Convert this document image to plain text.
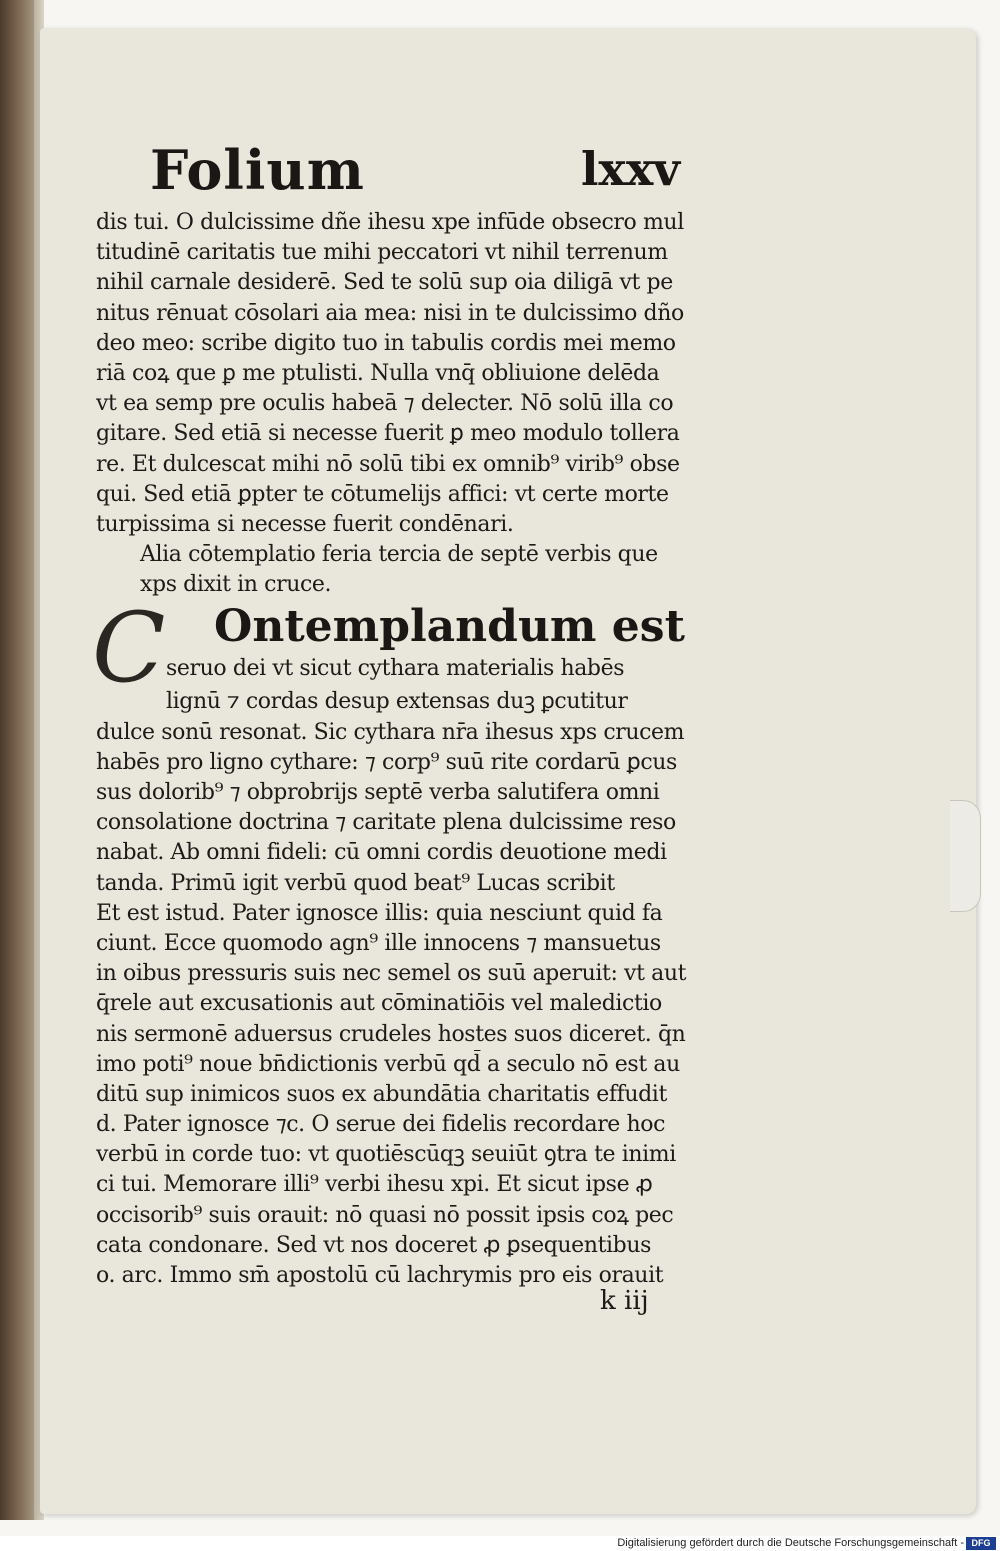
Folium	lxxv
dis tui. O dulcissime dñe ihesu xpe infūde obsecro mul
titudinē caritatis tue mihi peccatori vt nihil terrenum
nihil carnale desiderē. Sed te solū sup oia diligā vt pe
nitus rēnuat cōsolari aia mea: nisi in te dulcissimo dño
deo meo: scribe digito tuo in tabulis cordis mei memo
riā coꝝ que ꝑ me ptulisti. Nulla vnq̄ obliuione delēda
vt ea semp pre oculis habeā ⁊ delecter. Nō solū illa co
gitare. Sed etiā si necesse fuerit ꝑ meo modulo tollera
re. Et dulcescat mihi nō solū tibi ex omnib⁹ virib⁹ obse
qui. Sed etiā ꝑpter te cōtumelijs affici: vt certe morte
turpissima si necesse fuerit condēnari.
Alia cōtemplatio feria tercia de septē verbis que
xps dixit in cruce.
C Ontemplandum est
seruo dei vt sicut cythara materialis habēs
lignū ⁊ cordas desup extensas duꝫ ꝑcutitur
dulce sonū resonat. Sic cythara nr̄a ihesus xps crucem
habēs pro ligno cythare: ⁊ corp⁹ suū rite cordarū ꝑcus
sus dolorib⁹ ⁊ obprobrijs septē verba salutifera omni
consolatione doctrina ⁊ caritate plena dulcissime reso
nabat. Ab omni fideli: cū omni cordis deuotione medi
tanda. Primū igit verbū quod beat⁹ Lucas scribit
Et est istud. Pater ignosce illis: quia nesciunt quid fa
ciunt. Ecce quomodo agn⁹ ille innocens ⁊ mansuetus
in oibus pressuris suis nec semel os suū aperuit: vt aut
q̄rele aut excusationis aut cōminatiōis vel maledictio
nis sermonē aduersus crudeles hostes suos diceret. q̄n
imo poti⁹ noue bn̄dictionis verbū qd̄ a seculo nō est au
ditū sup inimicos suos ex abundātia charitatis effudit
d. Pater ignosce ⁊c. O serue dei fidelis recordare hoc
verbū in corde tuo: vt quotiēscūqꝫ seuiūt ꝯtra te inimi
ci tui. Memorare illi⁹ verbi ihesu xpi. Et sicut ipse ꝓ
occisorib⁹ suis orauit: nō quasi nō possit ipsis coꝝ pec
cata condonare. Sed vt nos doceret ꝓ ꝑsequentibus
o. arc. Immo sm̄ apostolū cū lachrymis pro eis orauit
k iij
Digitalisierung gefördert durch die Deutsche Forschungsgemeinschaft - DFG
